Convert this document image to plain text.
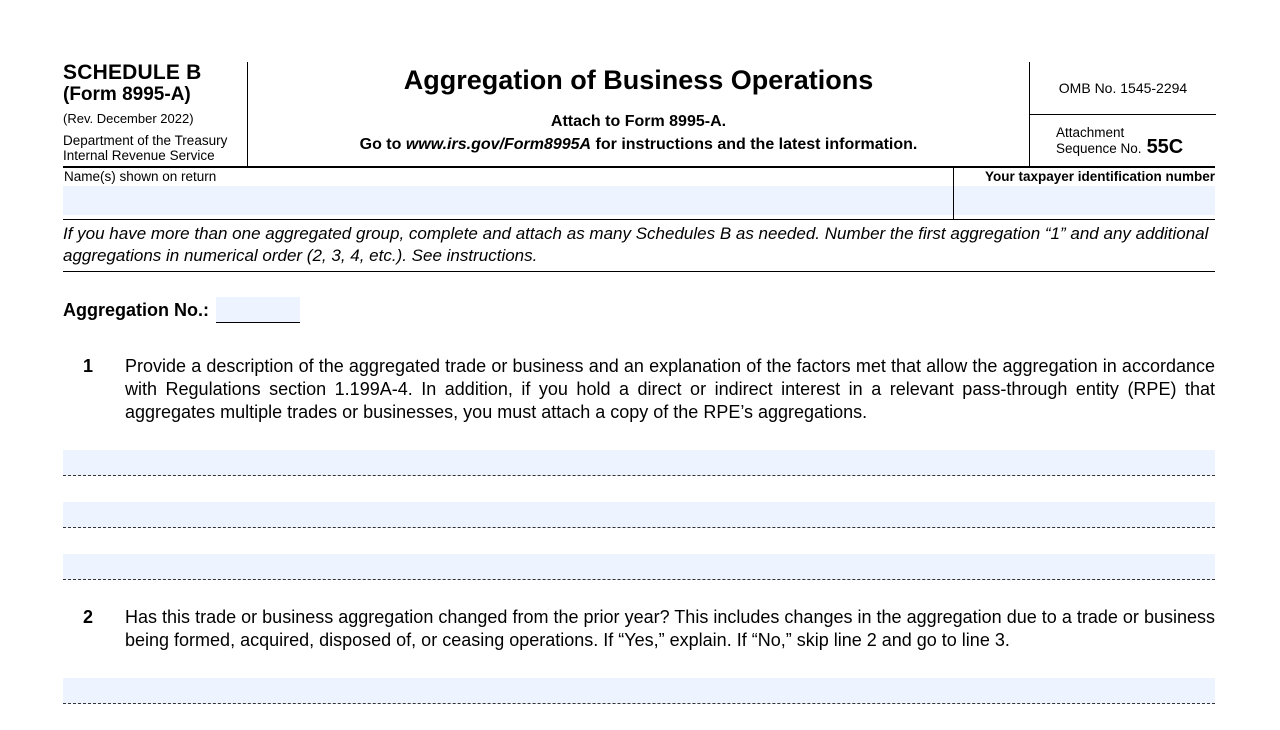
SCHEDULE B
(Form 8995-A)
(Rev. December 2022)
Department of the Treasury
Internal Revenue Service
Aggregation of Business Operations
Attach to Form 8995-A.
Go to www.irs.gov/Form8995A for instructions and the latest information.
OMB No. 1545-2294
Attachment
Sequence No. 55C
Name(s) shown on return	Your taxpayer identification number
If you have more than one aggregated group, complete and attach as many Schedules B as needed. Number the first aggregation “1” and any additional aggregations in numerical order (2, 3, 4, etc.). See instructions.
Aggregation No.:
1 Provide a description of the aggregated trade or business and an explanation of the factors met that allow the aggregation in accordance with Regulations section 1.199A-4. In addition, if you hold a direct or indirect interest in a relevant pass-through entity (RPE) that aggregates multiple trades or businesses, you must attach a copy of the RPE’s aggregations.
2 Has this trade or business aggregation changed from the prior year? This includes changes in the aggregation due to a trade or business being formed, acquired, disposed of, or ceasing operations. If “Yes,” explain. If “No,” skip line 2 and go to line 3.
